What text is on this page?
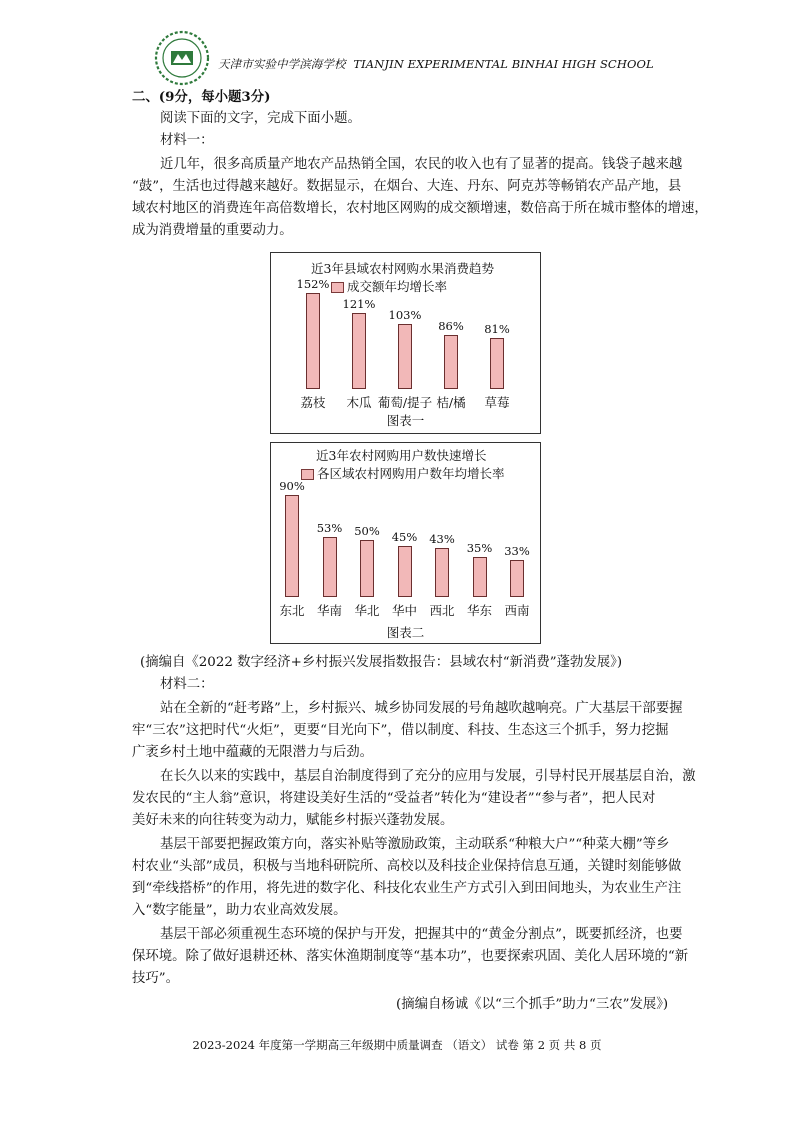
天津市实验中学滨海学校 TIANJIN EXPERIMENTAL BINHAI HIGH SCHOOL
二、(9分，每小题3分)
阅读下面的文字，完成下面小题。
材料一：
近几年，很多高质量产地农产品热销全国，农民的收入也有了显著的提高。钱袋子越来越
“鼓”，生活也过得越来越好。数据显示，在烟台、大连、丹东、阿克苏等畅销农产品产地，县
域农村地区的消费连年高倍数增长，农村地区网购的成交额增速，数倍高于所在城市整体的增速，
成为消费增量的重要动力。
近3年县域农村网购水果消费趋势
成交额年均增长率
152%
荔枝
121%
木瓜
103%
葡萄/提子
86%
桔/橘
81%
草莓
图表一
近3年农村网购用户数快速增长
各区域农村网购用户数年均增长率
90%
东北
53%
华南
50%
华北
45%
华中
43%
西北
35%
华东
33%
西南
图表二
(摘编自《2022 数字经济+乡村振兴发展指数报告：县域农村“新消费”蓬勃发展》)
材料二：
站在全新的“赶考路”上，乡村振兴、城乡协同发展的号角越吹越响亮。广大基层干部要握
牢“三农”这把时代“火炬”，更要“目光向下”，借以制度、科技、生态这三个抓手，努力挖掘
广袤乡村土地中蕴藏的无限潜力与后劲。
在长久以来的实践中，基层自治制度得到了充分的应用与发展，引导村民开展基层自治，激
发农民的“主人翁”意识，将建设美好生活的“受益者”转化为“建设者”“参与者”，把人民对
美好未来的向往转变为动力，赋能乡村振兴蓬勃发展。
基层干部要把握政策方向，落实补贴等激励政策，主动联系“种粮大户”“种菜大棚”等乡
村农业“头部”成员，积极与当地科研院所、高校以及科技企业保持信息互通，关键时刻能够做
到“牵线搭桥”的作用，将先进的数字化、科技化农业生产方式引入到田间地头，为农业生产注
入“数字能量”，助力农业高效发展。
基层干部必须重视生态环境的保护与开发，把握其中的“黄金分割点”，既要抓经济，也要
保环境。除了做好退耕还林、落实休渔期制度等“基本功”，也要探索巩固、美化人居环境的“新
技巧”。
(摘编自杨诚《以“三个抓手”助力“三农”发展》)
2023-2024 年度第一学期高三年级期中质量调查 （语文） 试卷 第 2 页 共 8 页
